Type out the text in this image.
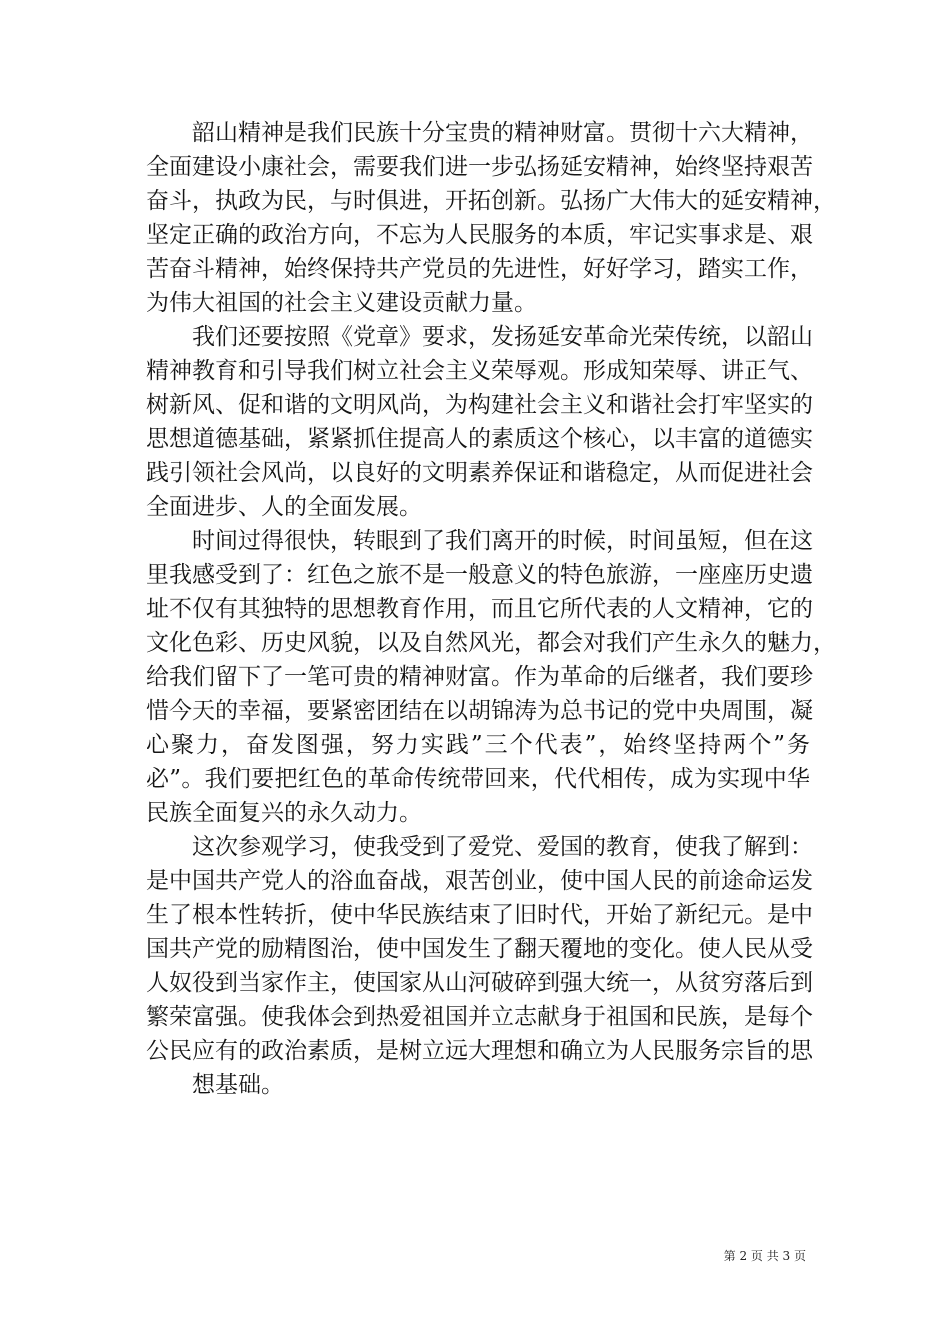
韶山精神是我们民族十分宝贵的精神财富。贯彻十六大精神，
全面建设小康社会，需要我们进一步弘扬延安精神，始终坚持艰苦
奋斗，执政为民，与时俱进，开拓创新。弘扬广大伟大的延安精神，
坚定正确的政治方向，不忘为人民服务的本质，牢记实事求是、艰
苦奋斗精神，始终保持共产党员的先进性，好好学习，踏实工作，
为伟大祖国的社会主义建设贡献力量。
我们还要按照《党章》要求，发扬延安革命光荣传统，以韶山
精神教育和引导我们树立社会主义荣辱观。形成知荣辱、讲正气、
树新风、促和谐的文明风尚，为构建社会主义和谐社会打牢坚实的
思想道德基础，紧紧抓住提高人的素质这个核心，以丰富的道德实
践引领社会风尚，以良好的文明素养保证和谐稳定，从而促进社会
全面进步、人的全面发展。
时间过得很快，转眼到了我们离开的时候，时间虽短，但在这
里我感受到了：红色之旅不是一般意义的特色旅游，一座座历史遗
址不仅有其独特的思想教育作用，而且它所代表的人文精神，它的
文化色彩、历史风貌，以及自然风光，都会对我们产生永久的魅力，
给我们留下了一笔可贵的精神财富。作为革命的后继者，我们要珍
惜今天的幸福，要紧密团结在以胡锦涛为总书记的党中央周围，凝
心聚力，奋发图强，努力实践”三个代表”，始终坚持两个”务
必”。我们要把红色的革命传统带回来，代代相传，成为实现中华
民族全面复兴的永久动力。
这次参观学习，使我受到了爱党、爱国的教育，使我了解到：
是中国共产党人的浴血奋战，艰苦创业，使中国人民的前途命运发
生了根本性转折，使中华民族结束了旧时代，开始了新纪元。是中
国共产党的励精图治，使中国发生了翻天覆地的变化。使人民从受
人奴役到当家作主，使国家从山河破碎到强大统一，从贫穷落后到
繁荣富强。使我体会到热爱祖国并立志献身于祖国和民族，是每个
公民应有的政治素质，是树立远大理想和确立为人民服务宗旨的思
想基础。
第 2 页 共 3 页
